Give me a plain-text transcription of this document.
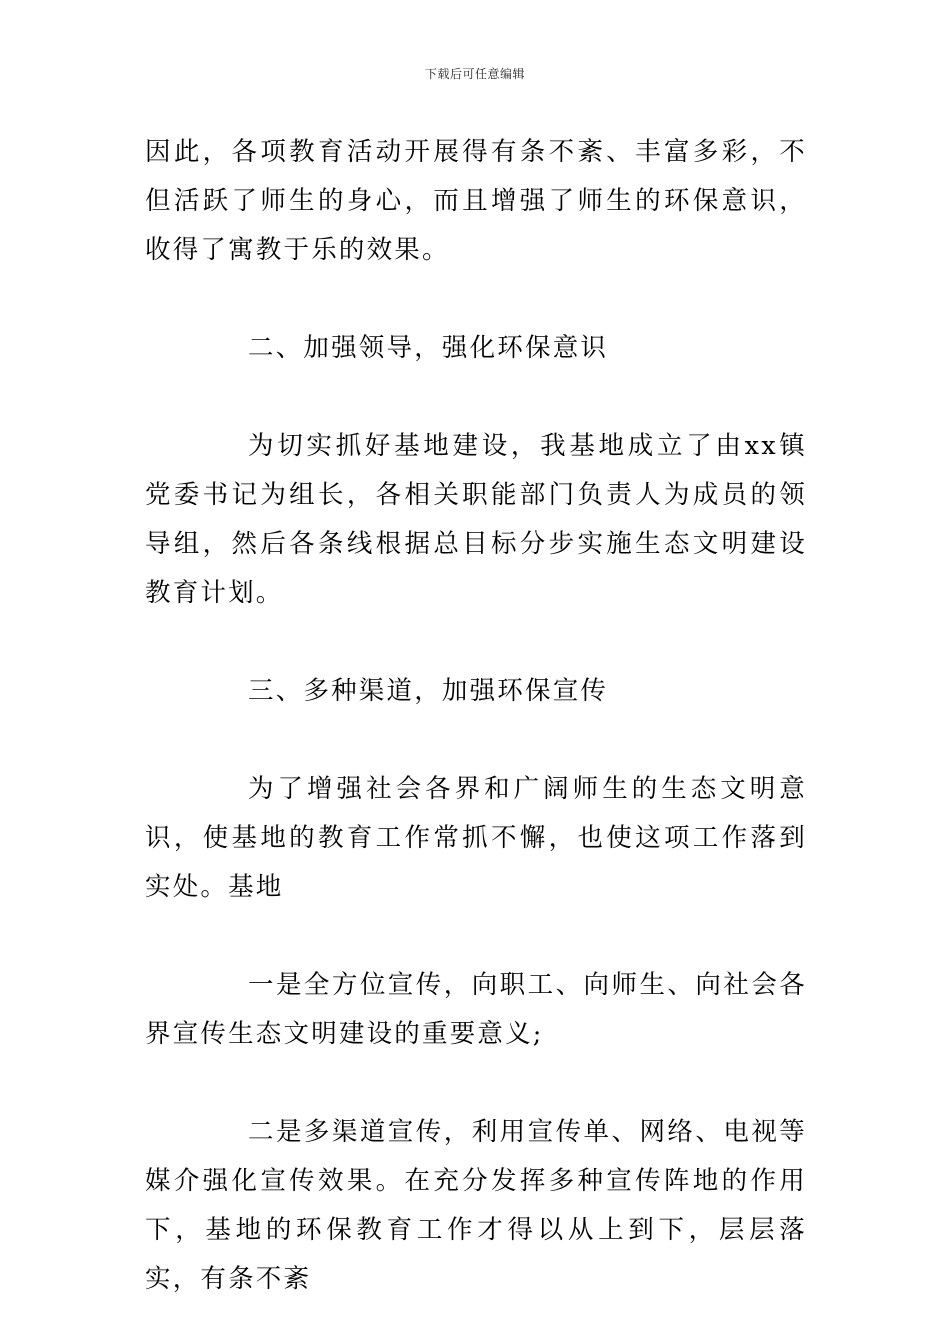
下载后可任意编辑

因此，各项教育活动开展得有条不紊、丰富多彩，不但活跃了师生的身心，而且增强了师生的环保意识，收得了寓教于乐的效果。

二、加强领导，强化环保意识

为切实抓好基地建设，我基地成立了由xx镇党委书记为组长，各相关职能部门负责人为成员的领导组，然后各条线根据总目标分步实施生态文明建设教育计划。

三、多种渠道，加强环保宣传

为了增强社会各界和广阔师生的生态文明意识，使基地的教育工作常抓不懈，也使这项工作落到实处。基地

一是全方位宣传，向职工、向师生、向社会各界宣传生态文明建设的重要意义;

二是多渠道宣传，利用宣传单、网络、电视等媒介强化宣传效果。在充分发挥多种宣传阵地的作用下，基地的环保教育工作才得以从上到下，层层落实，有条不紊
